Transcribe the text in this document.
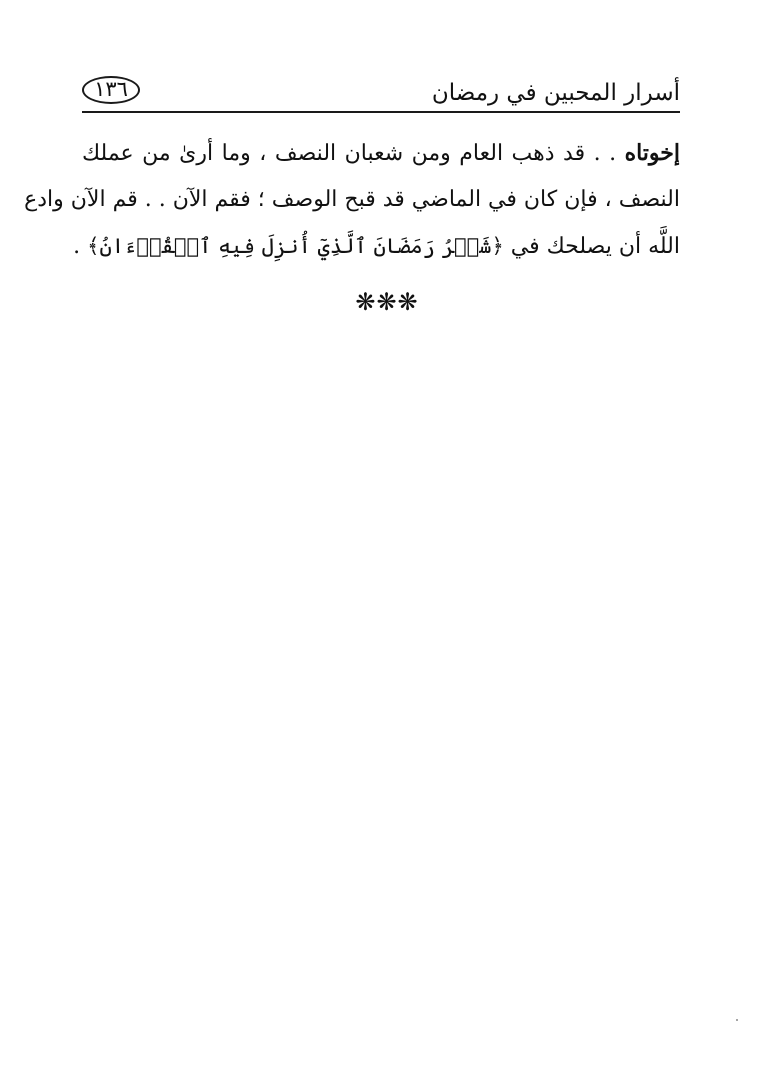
١٣٦	أسرار المحبين في رمضان
إخوتاه . . قد ذهب العام ومن شعبان النصف ، وما أرىٰ من عملك
النصف ، فإن كان في الماضي قد قبح الوصف ؛ فقم الآن . . قم الآن وادع
اللَّه أن يصلحك في ﴿شَهۡرُ رَمَضَانَ ٱلَّذِيٓ أُنزِلَ فِيهِ ٱلۡقُرۡءَانُ﴾ .
❋❋❋
